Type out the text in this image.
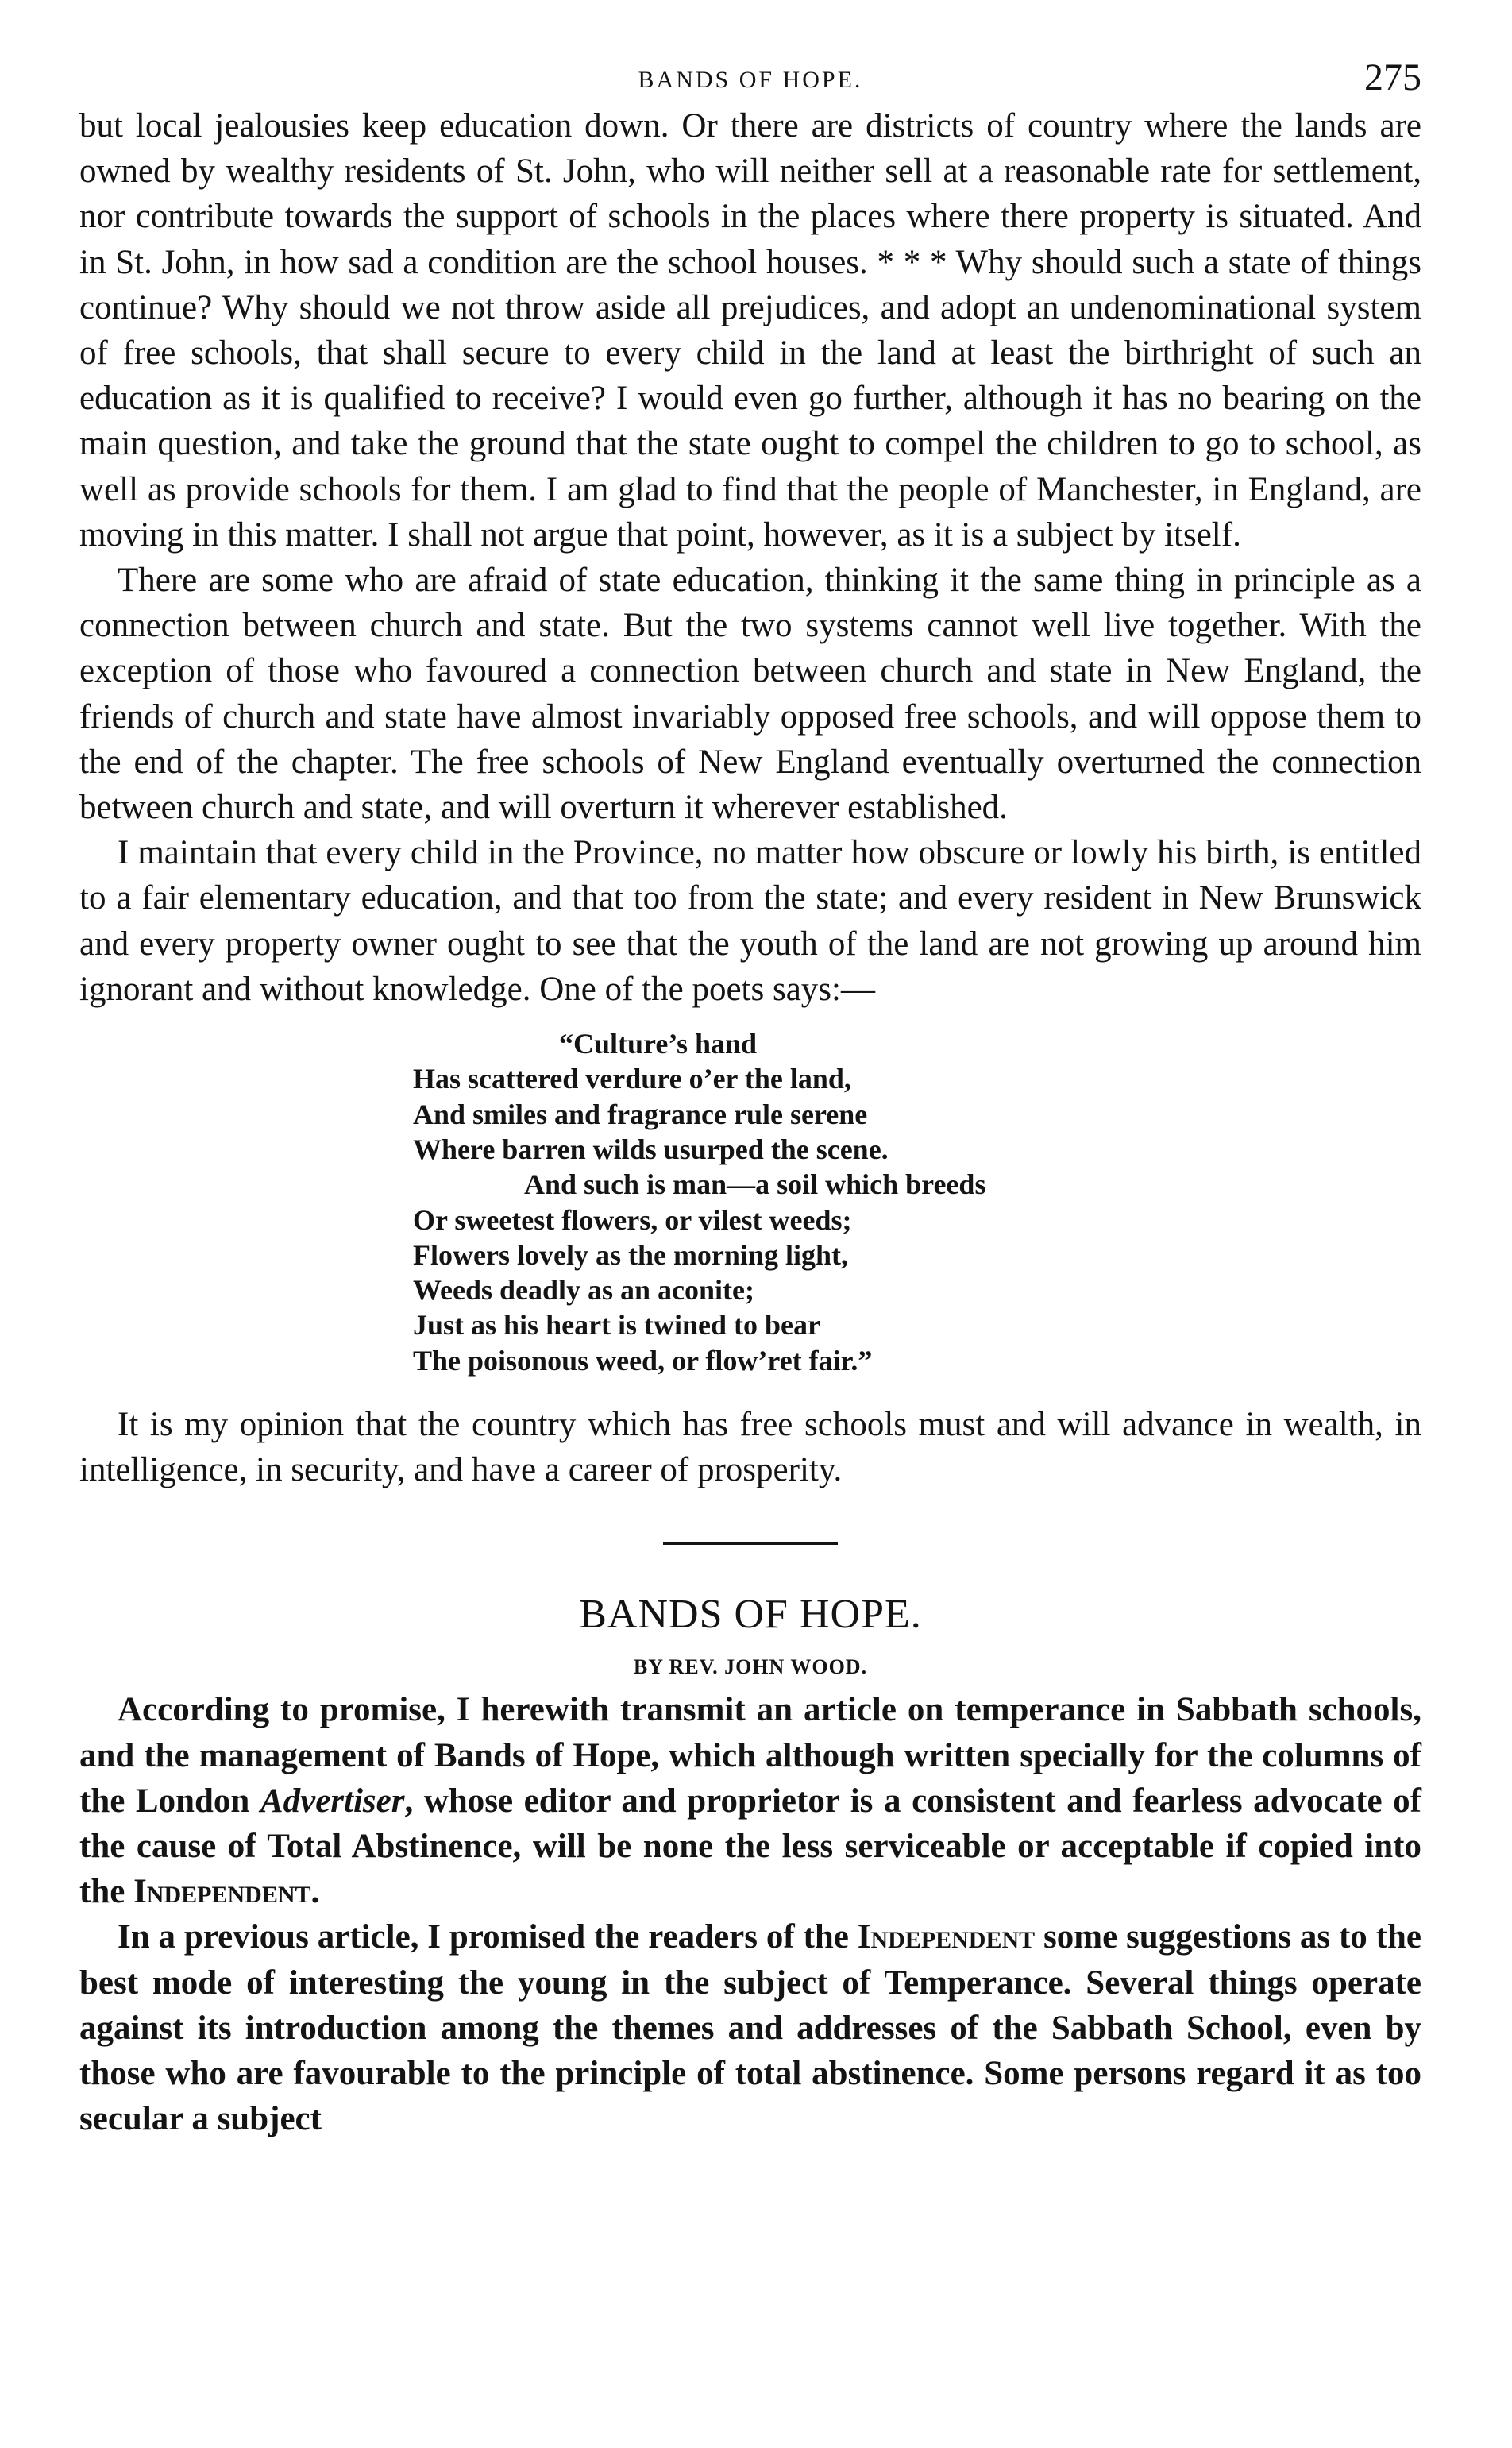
BANDS OF HOPE.	275

but local jealousies keep education down. Or there are districts of country where the lands are owned by wealthy residents of St. John, who will neither sell at a reasonable rate for settlement, nor contribute towards the support of schools in the places where there property is situated. And in St. John, in how sad a condition are the school houses. * * * Why should such a state of things continue? Why should we not throw aside all prejudices, and adopt an undenominational system of free schools, that shall secure to every child in the land at least the birthright of such an education as it is qualified to receive? I would even go further, although it has no bearing on the main question, and take the ground that the state ought to compel the children to go to school, as well as provide schools for them. I am glad to find that the people of Manchester, in England, are moving in this matter. I shall not argue that point, however, as it is a subject by itself.

There are some who are afraid of state education, thinking it the same thing in principle as a connection between church and state. But the two systems cannot well live together. With the exception of those who favoured a connection between church and state in New England, the friends of church and state have almost invariably opposed free schools, and will oppose them to the end of the chapter. The free schools of New England eventually overturned the connection between church and state, and will overturn it wherever established.

I maintain that every child in the Province, no matter how obscure or lowly his birth, is entitled to a fair elementary education, and that too from the state; and every resident in New Brunswick and every property owner ought to see that the youth of the land are not growing up around him ignorant and without knowledge. One of the poets says:—

“Culture’s hand
Has scattered verdure o’er the land,
And smiles and fragrance rule serene
Where barren wilds usurped the scene.
And such is man—a soil which breeds
Or sweetest flowers, or vilest weeds;
Flowers lovely as the morning light,
Weeds deadly as an aconite;
Just as his heart is twined to bear
The poisonous weed, or flow’ret fair.”

It is my opinion that the country which has free schools must and will advance in wealth, in intelligence, in security, and have a career of prosperity.

BANDS OF HOPE.
BY REV. JOHN WOOD.

According to promise, I herewith transmit an article on temperance in Sabbath schools, and the management of Bands of Hope, which although written specially for the columns of the London Advertiser, whose editor and proprietor is a consistent and fearless advocate of the cause of Total Abstinence, will be none the less serviceable or acceptable if copied into the Independent.

In a previous article, I promised the readers of the Independent some suggestions as to the best mode of interesting the young in the subject of Temperance. Several things operate against its introduction among the themes and addresses of the Sabbath School, even by those who are favourable to the principle of total abstinence. Some persons regard it as too secular a subject
